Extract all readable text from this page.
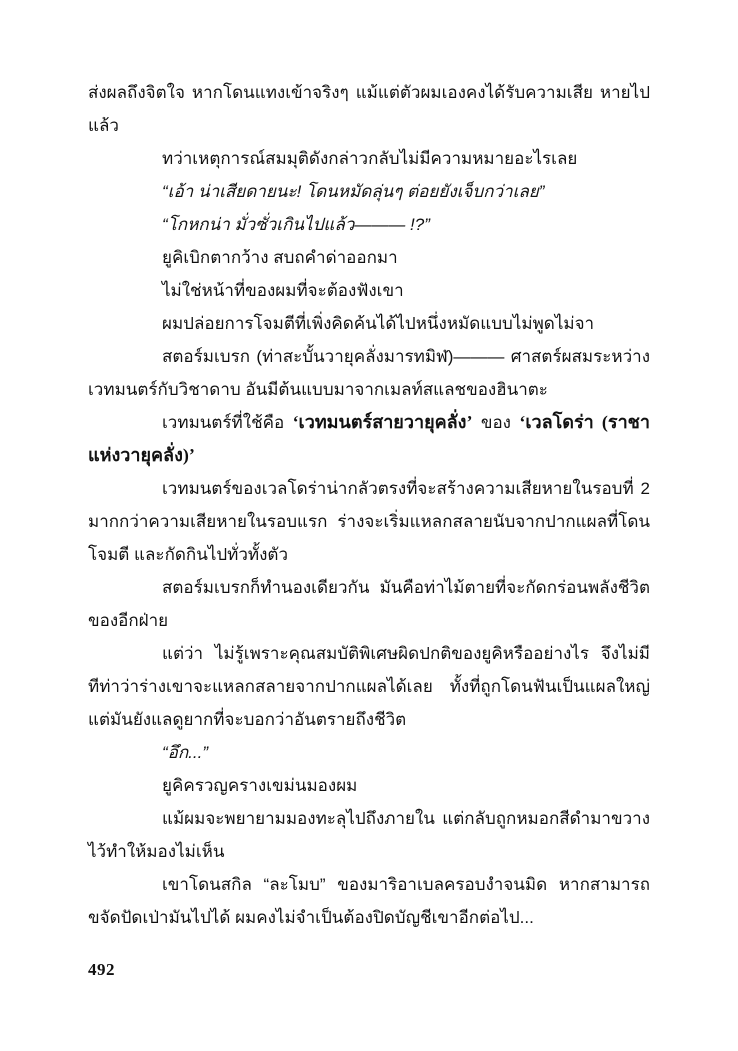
ส่งผลถึงจิตใจ หากโดนแทงเข้าจริงๆ แม้แต่ตัวผมเองคงได้รับความเสีย หายไปแล้ว

ทว่าเหตุการณ์สมมุติดังกล่าวกลับไม่มีความหมายอะไรเลย

“เอ้า น่าเสียดายนะ! โดนหมัดลุ่นๆ ต่อยยังเจ็บกว่าเลย”

“โกหกน่า มั่วซั่วเกินไปแล้ว——— !?”

ยูคิเบิกตากว้าง สบถคำด่าออกมา

ไม่ใช่หน้าที่ของผมที่จะต้องฟังเขา

ผมปล่อยการโจมตีที่เพิ่งคิดค้นได้ไปหนึ่งหมัดแบบไม่พูดไม่จา

สตอร์มเบรก (ท่าสะบั้นวายุคลั่งมารทมิฬ)——— ศาสตร์ผสมระหว่างเวทมนตร์กับวิชาดาบ อันมีต้นแบบมาจากเมลท์สแลชของฮินาตะ

เวทมนตร์ที่ใช้คือ ‘เวทมนตร์สายวายุคลั่ง’ ของ ‘เวลโดร่า (ราชาแห่งวายุคลั่ง)’

เวทมนตร์ของเวลโดร่าน่ากลัวตรงที่จะสร้างความเสียหายในรอบที่ 2 มากกว่าความเสียหายในรอบแรก ร่างจะเริ่มแหลกสลายนับจากปากแผลที่โดนโจมตี และกัดกินไปทั่วทั้งตัว

สตอร์มเบรกก็ทำนองเดียวกัน มันคือท่าไม้ตายที่จะกัดกร่อนพลังชีวิตของอีกฝ่าย

แต่ว่า ไม่รู้เพราะคุณสมบัติพิเศษผิดปกติของยูคิหรืออย่างไร จึงไม่มีทีท่าว่าร่างเขาจะแหลกสลายจากปากแผลได้เลย ทั้งที่ถูกโดนฟันเป็นแผลใหญ่ แต่มันยังแลดูยากที่จะบอกว่าอันตรายถึงชีวิต

“อึก...”

ยูคิครวญครางเขม่นมองผม

แม้ผมจะพยายามมองทะลุไปถึงภายใน แต่กลับถูกหมอกสีดำมาขวางไว้ทำให้มองไม่เห็น

เขาโดนสกิล “ละโมบ” ของมาริอาเบลครอบงำจนมิด หากสามารถขจัดปัดเป่ามันไปได้ ผมคงไม่จำเป็นต้องปิดบัญชีเขาอีกต่อไป...

492
